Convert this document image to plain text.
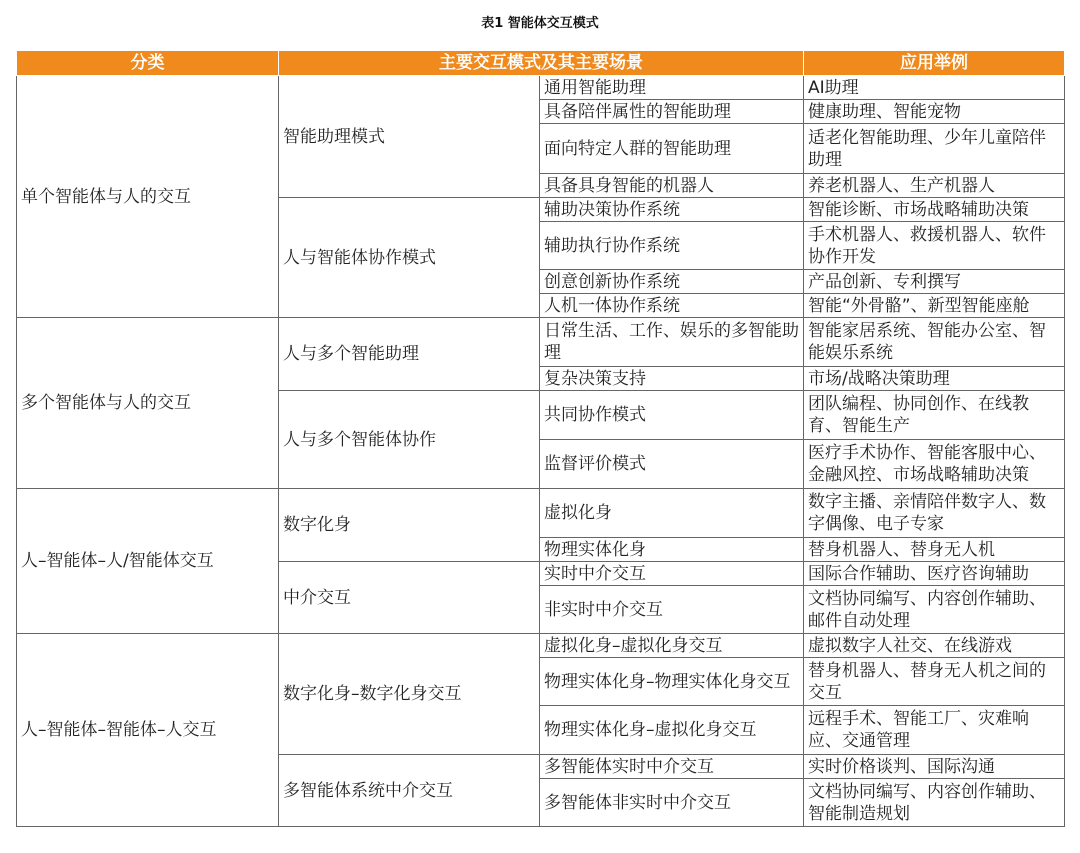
表1 智能体交互模式
分类	主要交互模式及其主要场景		应用举例
单个智能体与人的交互	智能助理模式	通用智能助理	AI助理
		具备陪伴属性的智能助理	健康助理、智能宠物
		面向特定人群的智能助理	适老化智能助理、少年儿童陪伴助理
		具备具身智能的机器人	养老机器人、生产机器人
	人与智能体协作模式	辅助决策协作系统	智能诊断、市场战略辅助决策
		辅助执行协作系统	手术机器人、救援机器人、软件协作开发
		创意创新协作系统	产品创新、专利撰写
		人机一体协作系统	智能“外骨骼”、新型智能座舱
多个智能体与人的交互	人与多个智能助理	日常生活、工作、娱乐的多智能助理	智能家居系统、智能办公室、智能娱乐系统
		复杂决策支持	市场/战略决策助理
	人与多个智能体协作	共同协作模式	团队编程、协同创作、在线教育、智能生产
		监督评价模式	医疗手术协作、智能客服中心、金融风控、市场战略辅助决策
人–智能体–人/智能体交互	数字化身	虚拟化身	数字主播、亲情陪伴数字人、数字偶像、电子专家
		物理实体化身	替身机器人、替身无人机
	中介交互	实时中介交互	国际合作辅助、医疗咨询辅助
		非实时中介交互	文档协同编写、内容创作辅助、邮件自动处理
人–智能体–智能体–人交互	数字化身–数字化身交互	虚拟化身–虚拟化身交互	虚拟数字人社交、在线游戏
		物理实体化身–物理实体化身交互	替身机器人、替身无人机之间的交互
		物理实体化身–虚拟化身交互	远程手术、智能工厂、灾难响应、交通管理
	多智能体系统中介交互	多智能体实时中介交互	实时价格谈判、国际沟通
		多智能体非实时中介交互	文档协同编写、内容创作辅助、智能制造规划
